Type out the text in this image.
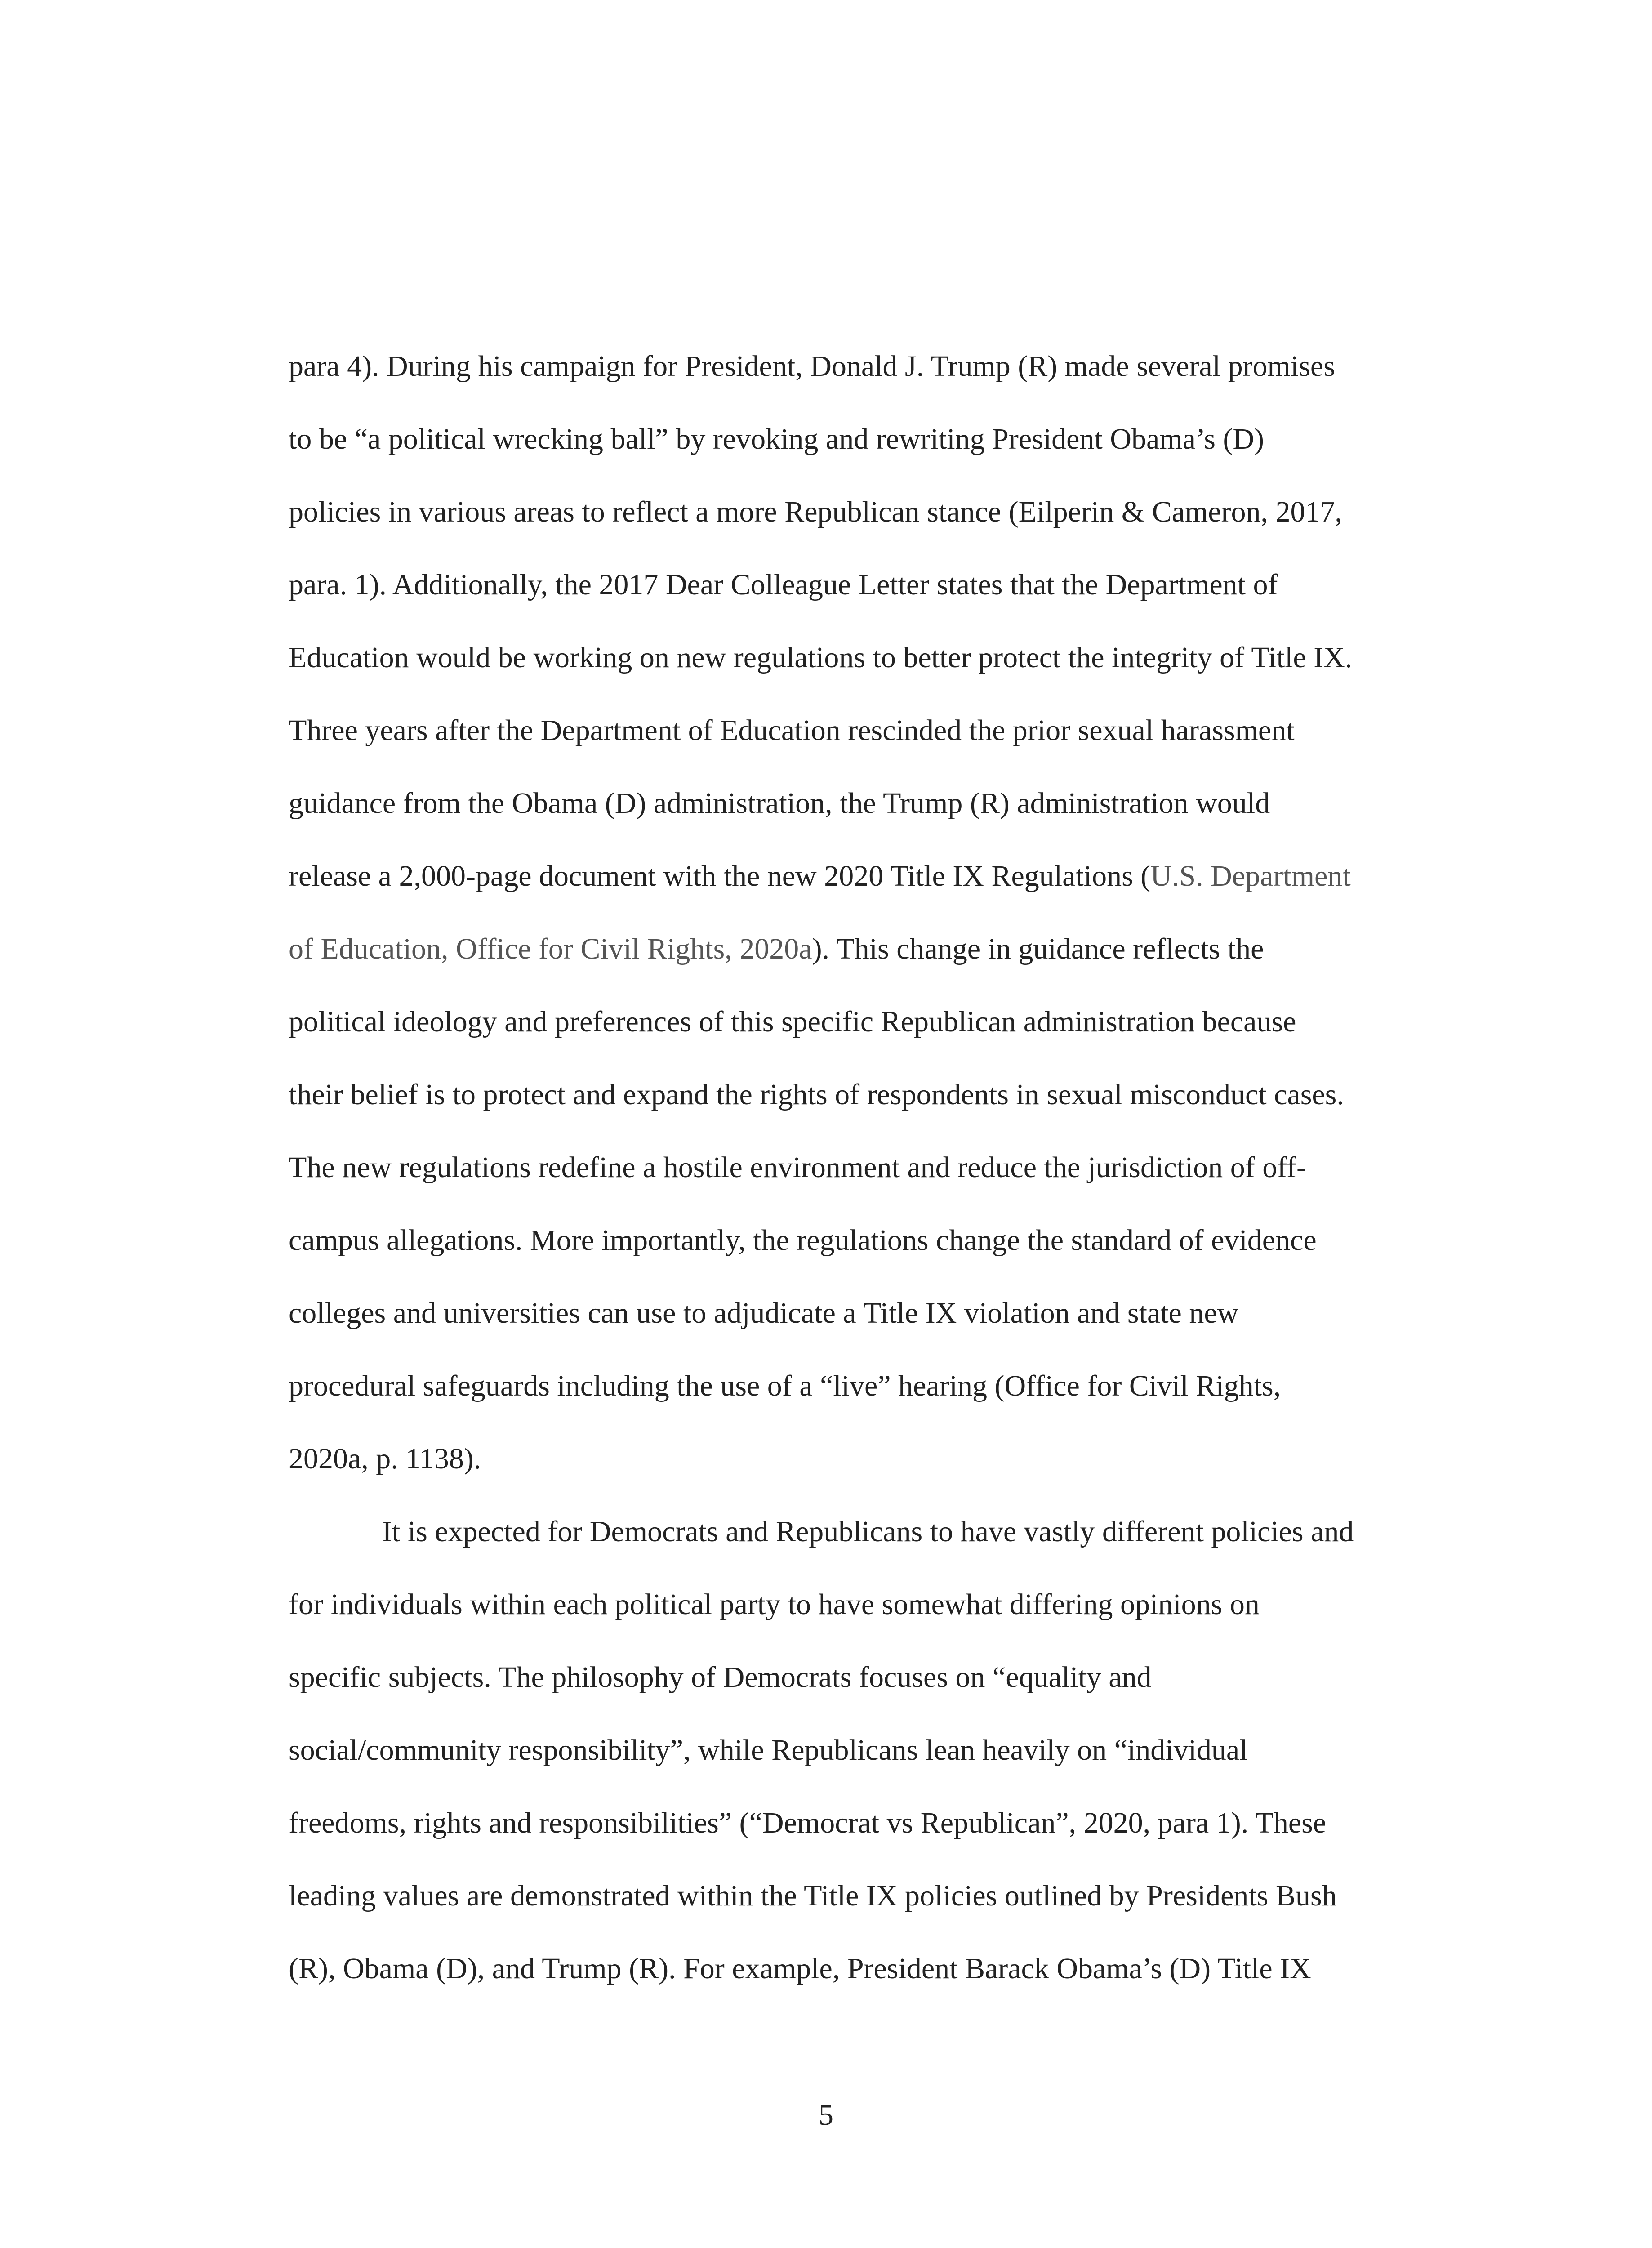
para 4). During his campaign for President, Donald J. Trump (R) made several promises
to be “a political wrecking ball” by revoking and rewriting President Obama’s (D)
policies in various areas to reflect a more Republican stance (Eilperin & Cameron, 2017,
para. 1). Additionally, the 2017 Dear Colleague Letter states that the Department of
Education would be working on new regulations to better protect the integrity of Title IX.
Three years after the Department of Education rescinded the prior sexual harassment
guidance from the Obama (D) administration, the Trump (R) administration would
release a 2,000-page document with the new 2020 Title IX Regulations (U.S. Department
of Education, Office for Civil Rights, 2020a). This change in guidance reflects the
political ideology and preferences of this specific Republican administration because
their belief is to protect and expand the rights of respondents in sexual misconduct cases.
The new regulations redefine a hostile environment and reduce the jurisdiction of off-
campus allegations. More importantly, the regulations change the standard of evidence
colleges and universities can use to adjudicate a Title IX violation and state new
procedural safeguards including the use of a “live” hearing (Office for Civil Rights,
2020a, p. 1138).
It is expected for Democrats and Republicans to have vastly different policies and
for individuals within each political party to have somewhat differing opinions on
specific subjects. The philosophy of Democrats focuses on “equality and
social/community responsibility”, while Republicans lean heavily on “individual
freedoms, rights and responsibilities” (“Democrat vs Republican”, 2020, para 1). These
leading values are demonstrated within the Title IX policies outlined by Presidents Bush
(R), Obama (D), and Trump (R). For example, President Barack Obama’s (D) Title IX
5
